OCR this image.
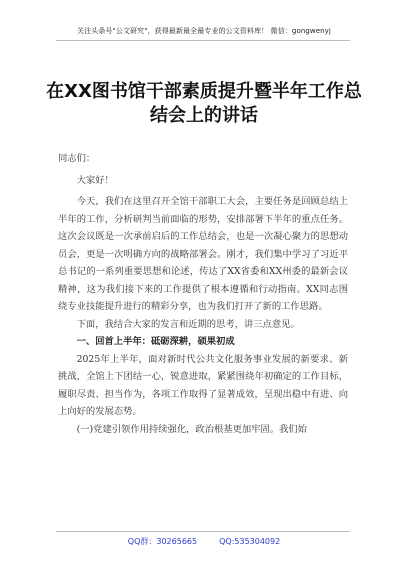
关注头条号"公文研究"，获得最新最全最专业的公文资料库！ 微信：gongwenyj
在XX图书馆干部素质提升暨半年工作总结会上的讲话

同志们：

大家好！

今天，我们在这里召开全馆干部职工大会，主要任务是回顾总结上半年的工作，分析研判当前面临的形势，安排部署下半年的重点任务。这次会议既是一次承前启后的工作总结会，也是一次凝心聚力的思想动员会，更是一次明确方向的战略部署会。刚才，我们集中学习了习近平总书记的一系列重要思想和论述，传达了XX省委和XX州委的最新会议精神，这为我们接下来的工作提供了根本遵循和行动指南。XX同志围绕专业技能提升进行的精彩分享，也为我们打开了新的工作思路。

下面，我结合大家的发言和近期的思考，讲三点意见。

一、回首上半年：砥砺深耕，硕果初成

2025年上半年，面对新时代公共文化服务事业发展的新要求、新挑战，全馆上下团结一心，锐意进取，紧紧围绕年初确定的工作目标，履职尽责、担当作为，各项工作取得了显著成效，呈现出稳中有进、向上向好的发展态势。

(一)党建引领作用持续强化，政治根基更加牢固。我们始

QQ群：30265665	QQ:535304092
